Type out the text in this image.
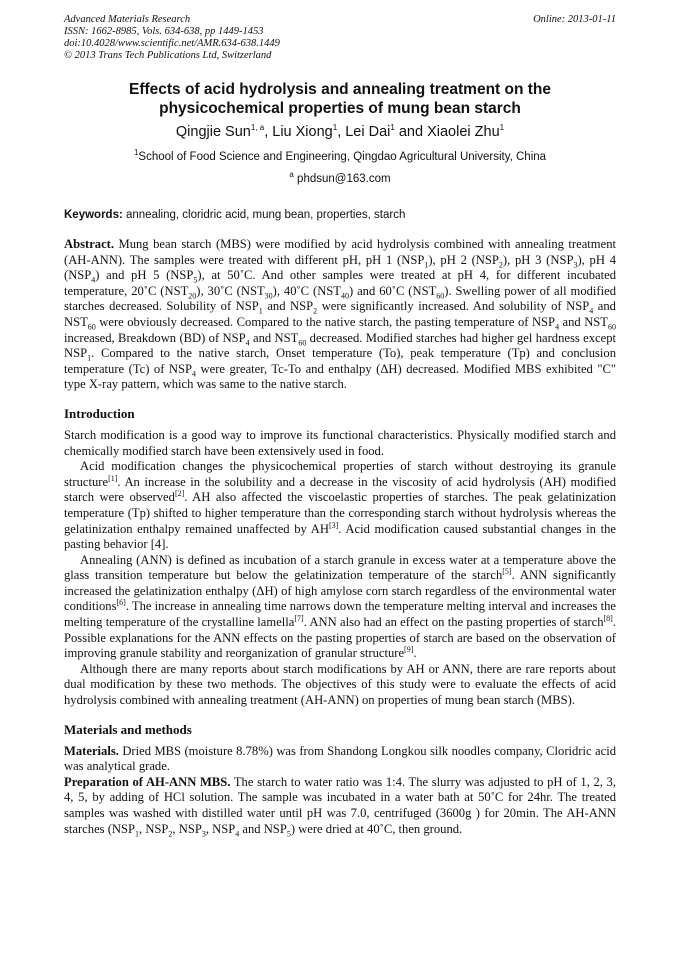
Advanced Materials Research
ISSN: 1662-8985, Vols. 634-638, pp 1449-1453
doi:10.4028/www.scientific.net/AMR.634-638.1449
© 2013 Trans Tech Publications Ltd, Switzerland
Online: 2013-01-11
Effects of acid hydrolysis and annealing treatment on the
physicochemical properties of mung bean starch
Qingjie Sun$^{1, a}$, Liu Xiong$^1$, Lei Dai$^1$ and Xiaolei Zhu$^1$
$^1$School of Food Science and Engineering, Qingdao Agricultural University, China
$^a$ phdsun@163.com
Keywords: annealing, cloridric acid, mung bean, properties, starch

Abstract. Mung bean starch (MBS) were modified by acid hydrolysis combined with annealing treatment (AH-ANN). The samples were treated with different pH, pH 1 $(NSP_1)$, pH 2 $(NSP_2)$, pH 3 $(NSP_3)$, pH 4 $(NSP_4)$ and pH 5 $(NSP_5)$, at 50˚C. And other samples were treated at pH 4, for different incubated temperature, 20˚C $(NST_{20})$, 30˚C $(NST_{30})$, 40˚C $(NST_{40})$ and 60˚C $(NST_{60})$. Swelling power of all modified starches decreased. Solubility of $NSP_1$ and $NSP_2$ were significantly increased. And solubility of $NSP_4$ and $NST_{60}$ were obviously decreased. Compared to the native starch, the pasting temperature of $NSP_4$ and $NST_{60}$ increased, Breakdown (BD) of $NSP_4$ and $NST_{60}$ decreased. Modified starches had higher gel hardness except $NSP_1$. Compared to the native starch, Onset temperature (To), peak temperature (Tp) and conclusion temperature (Tc) of $NSP_4$ were greater, Tc-To and enthalpy (ΔH) decreased. Modified MBS exhibited "C" type X-ray pattern, which was same to the native starch.

Introduction

Starch modification is a good way to improve its functional characteristics. Physically modified starch and chemically modified starch have been extensively used in food.

Acid modification changes the physicochemical properties of starch without destroying its granule structure[1]. An increase in the solubility and a decrease in the viscosity of acid hydrolysis (AH) modified starch were observed[2]. AH also affected the viscoelastic properties of starches. The peak gelatinization temperature (Tp) shifted to higher temperature than the corresponding starch without hydrolysis whereas the gelatinization enthalpy remained unaffected by AH[3]. Acid modification caused substantial changes in the pasting behavior [4].

Annealing (ANN) is defined as incubation of a starch granule in excess water at a temperature above the glass transition temperature but below the gelatinization temperature of the starch[5]. ANN significantly increased the gelatinization enthalpy (ΔH) of high amylose corn starch regardless of the environmental water conditions[6]. The increase in annealing time narrows down the temperature melting interval and increases the melting temperature of the crystalline lamella[7]. ANN also had an effect on the pasting properties of starch[8]. Possible explanations for the ANN effects on the pasting properties of starch are based on the observation of improving granule stability and reorganization of granular structure[9].

Although there are many reports about starch modifications by AH or ANN, there are rare reports about dual modification by these two methods. The objectives of this study were to evaluate the effects of acid hydrolysis combined with annealing treatment (AH-ANN) on properties of mung bean starch (MBS).

Materials and methods

Materials. Dried MBS (moisture 8.78%) was from Shandong Longkou silk noodles company, Cloridric acid was analytical grade.

Preparation of AH-ANN MBS. The starch to water ratio was 1:4. The slurry was adjusted to pH of 1, 2, 3, 4, 5, by adding of HCl solution. The sample was incubated in a water bath at 50˚C for 24hr. The treated samples was washed with distilled water until pH was 7.0, centrifuged (3600g ) for 20min. The AH-ANN starches ($NSP_1$, $NSP_2$, $NSP_3$, $NSP_4$ and $NSP_5$) were dried at 40˚C, then ground.
